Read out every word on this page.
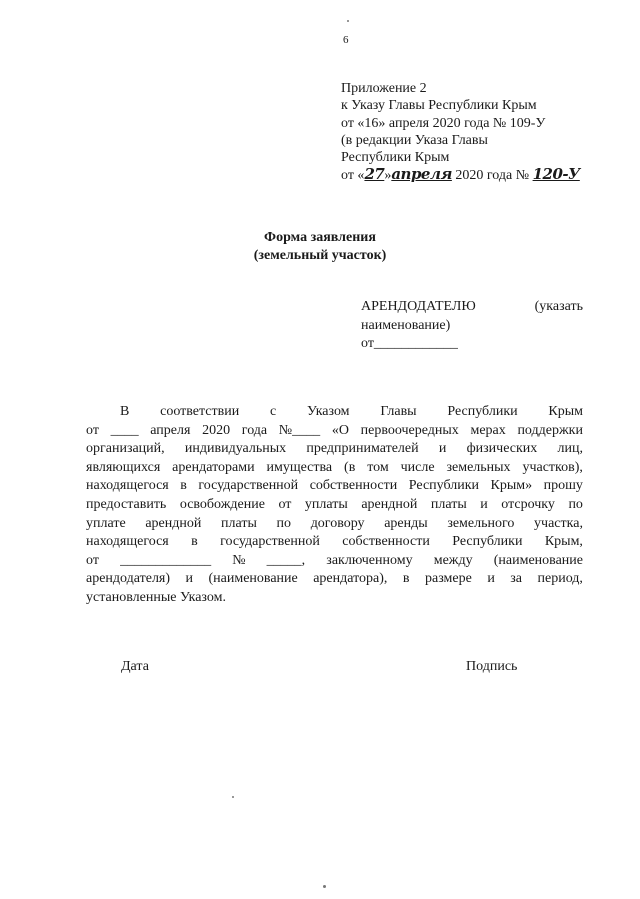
6
Приложение 2
к Указу Главы Республики Крым
от «16» апреля 2020 года № 109-У
(в редакции Указа Главы
Республики Крым
от «27»апреля 2020 года № 120-У
Форма заявления
(земельный участок)
АРЕНДОДАТЕЛЮ	(указать
наименование)
от____________
В соответствии с Указом Главы Республики Крым
от ____ апреля 2020 года №____ «О первоочередных мерах поддержки
организаций, индивидуальных предпринимателей и физических лиц,
являющихся арендаторами имущества (в том числе земельных участков),
находящегося в государственной собственности Республики Крым» прошу
предоставить освобождение от уплаты арендной платы и отсрочку по
уплате арендной платы по договору аренды земельного участка,
находящегося в государственной собственности Республики Крым,
от _____________ № _____, заключенному между (наименование
арендодателя) и (наименование арендатора), в размере и за период,
установленные Указом.
Дата	Подпись
